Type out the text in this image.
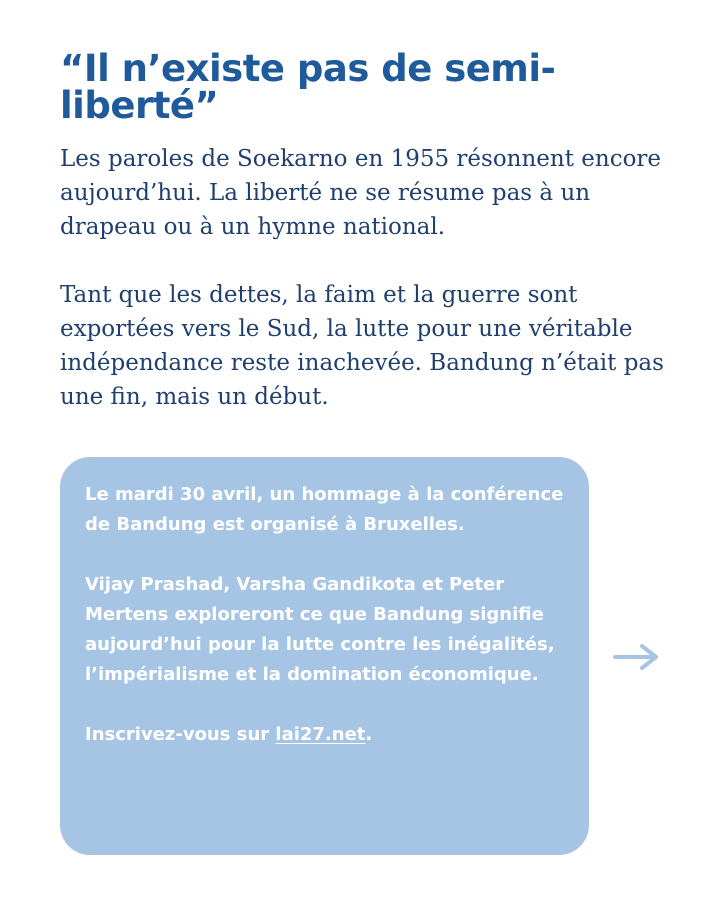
“Il n’existe pas de semi-liberté”

Les paroles de Soekarno en 1955 résonnent encore aujourd’hui. La liberté ne se résume pas à un drapeau ou à un hymne national.

Tant que les dettes, la faim et la guerre sont exportées vers le Sud, la lutte pour une véritable indépendance reste inachevée. Bandung n’était pas une fin, mais un début.

Le mardi 30 avril, un hommage à la conférence de Bandung est organisé à Bruxelles.

Vijay Prashad, Varsha Gandikota et Peter Mertens exploreront ce que Bandung signifie aujourd’hui pour la lutte contre les inégalités, l’impérialisme et la domination économique.

Inscrivez-vous sur lai27.net.
